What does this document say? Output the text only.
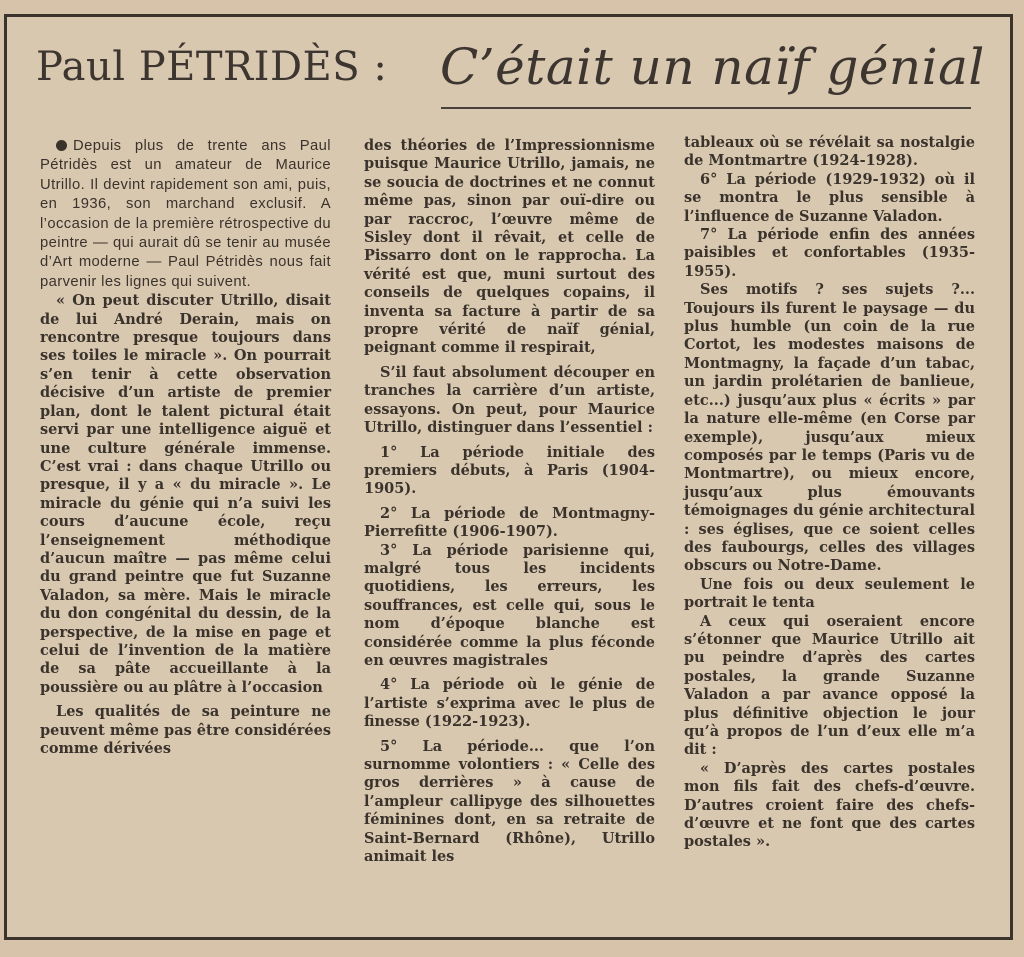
Paul PÉTRIDÈS : C’était un naïf génial

Depuis plus de trente ans Paul Pétridès est un amateur de Maurice Utrillo. Il devint rapidement son ami, puis, en 1936, son marchand exclusif. A l’occasion de la première rétrospective du peintre — qui aurait dû se tenir au musée d’Art moderne — Paul Pétridès nous fait parvenir les lignes qui suivent.

« On peut discuter Utrillo, disait de lui André Derain, mais on rencontre presque toujours dans ses toiles le miracle ». On pourrait s’en tenir à cette observation décisive d’un artiste de premier plan, dont le talent pictural était servi par une intelligence aiguë et une culture générale immense. C’est vrai : dans chaque Utrillo ou presque, il y a « du miracle ». Le miracle du génie qui n’a suivi les cours d’aucune école, reçu l’enseignement méthodique d’aucun maître — pas même celui du grand peintre que fut Suzanne Valadon, sa mère. Mais le miracle du don congénital du dessin, de la perspective, de la mise en page et celui de l’invention de la matière de sa pâte accueillante à la poussière ou au plâtre à l’occasion

Les qualités de sa peinture ne peuvent même pas être considérées comme dérivées

des théories de l’Impressionnisme puisque Maurice Utrillo, jamais, ne se soucia de doctrines et ne connut même pas, sinon par ouï-dire ou par raccroc, l’œuvre même de Sisley dont il rêvait, et celle de Pissarro dont on le rapprocha. La vérité est que, muni surtout des conseils de quelques copains, il inventa sa facture à partir de sa propre vérité de naïf génial, peignant comme il respirait,

S’il faut absolument découper en tranches la carrière d’un artiste, essayons. On peut, pour Maurice Utrillo, distinguer dans l’essentiel :

1° La période initiale des premiers débuts, à Paris (1904-1905).

2° La période de Montmagny-Pierrefitte (1906-1907).

3° La période parisienne qui, malgré tous les incidents quotidiens, les erreurs, les souffrances, est celle qui, sous le nom d’époque blanche est considérée comme la plus féconde en œuvres magistrales

4° La période où le génie de l’artiste s’exprima avec le plus de finesse (1922-1923).

5° La période... que l’on surnomme volontiers : « Celle des gros derrières » à cause de l’ampleur callipyge des silhouettes féminines dont, en sa retraite de Saint-Bernard (Rhône), Utrillo animait les

tableaux où se révélait sa nostalgie de Montmartre (1924-1928).

6° La période (1929-1932) où il se montra le plus sensible à l’influence de Suzanne Valadon.

7° La période enfin des années paisibles et confortables (1935-1955).

Ses motifs ? ses sujets ?... Toujours ils furent le paysage — du plus humble (un coin de la rue Cortot, les modestes maisons de Montmagny, la façade d’un tabac, un jardin prolétarien de banlieue, etc...) jusqu’aux plus « écrits » par la nature elle-même (en Corse par exemple), jusqu’aux mieux composés par le temps (Paris vu de Montmartre), ou mieux encore, jusqu’aux plus émouvants témoignages du génie architectural : ses églises, que ce soient celles des faubourgs, celles des villages obscurs ou Notre-Dame.

Une fois ou deux seulement le portrait le tenta

A ceux qui oseraient encore s’étonner que Maurice Utrillo ait pu peindre d’après des cartes postales, la grande Suzanne Valadon a par avance opposé la plus définitive objection le jour qu’à propos de l’un d’eux elle m’a dit :

« D’après des cartes postales mon fils fait des chefs-d’œuvre. D’autres croient faire des chefs-d’œuvre et ne font que des cartes postales ».
